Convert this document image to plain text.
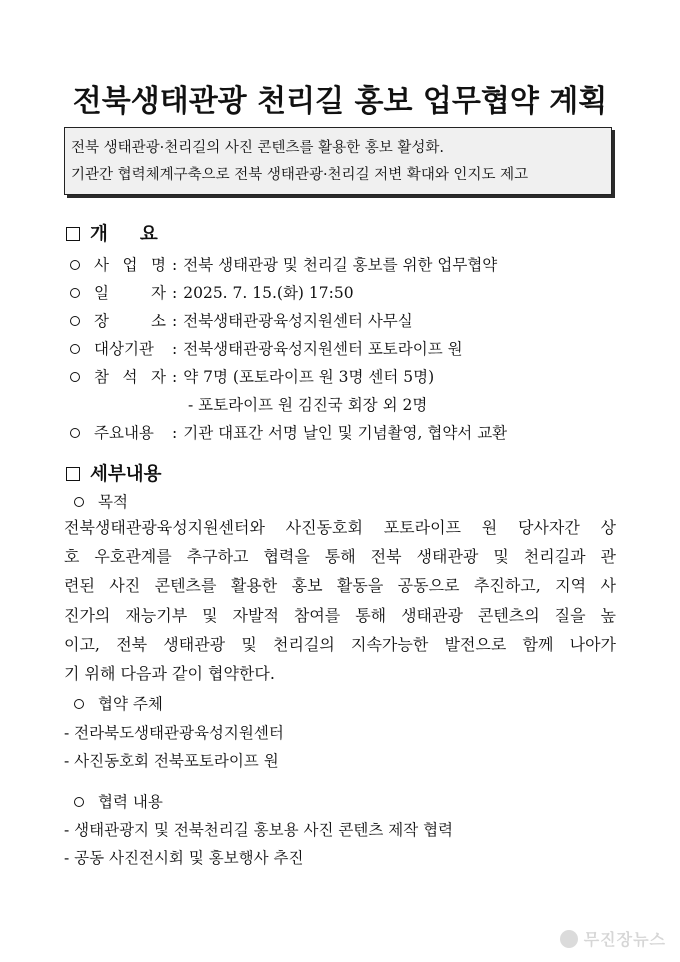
전북생태관광 천리길 홍보 업무협약 계획
전북 생태관광·천리길의 사진 콘텐츠를 활용한 홍보 활성화.
기관간 협력체계구축으로 전북 생태관광·천리길 저변 확대와 인지도 제고
개 요
사 업 명 : 전북 생태관광 및 천리길 홍보를 위한 업무협약
일 자 : 2025. 7. 15.(화) 17:50
장 소 : 전북생태관광육성지원센터 사무실
대상기관 : 전북생태관광육성지원센터 포토라이프 원
참 석 자 : 약 7명 (포토라이프 원 3명 센터 5명)
- 포토라이프 원 김진국 회장 외 2명
주요내용 : 기관 대표간 서명 날인 및 기념촬영, 협약서 교환
세부내용
목적
전북생태관광육성지원센터와 사진동호회 포토라이프 원 당사자간 상
호 우호관계를 추구하고 협력을 통해 전북 생태관광 및 천리길과 관
련된 사진 콘텐츠를 활용한 홍보 활동을 공동으로 추진하고, 지역 사
진가의 재능기부 및 자발적 참여를 통해 생태관광 콘텐츠의 질을 높
이고, 전북 생태관광 및 천리길의 지속가능한 발전으로 함께 나아가
기 위해 다음과 같이 협약한다.
협약 주체
- 전라북도생태관광육성지원센터
- 사진동호회 전북포토라이프 원
협력 내용
- 생태관광지 및 전북천리길 홍보용 사진 콘텐츠 제작 협력
- 공동 사진전시회 및 홍보행사 추진
무진장뉴스
